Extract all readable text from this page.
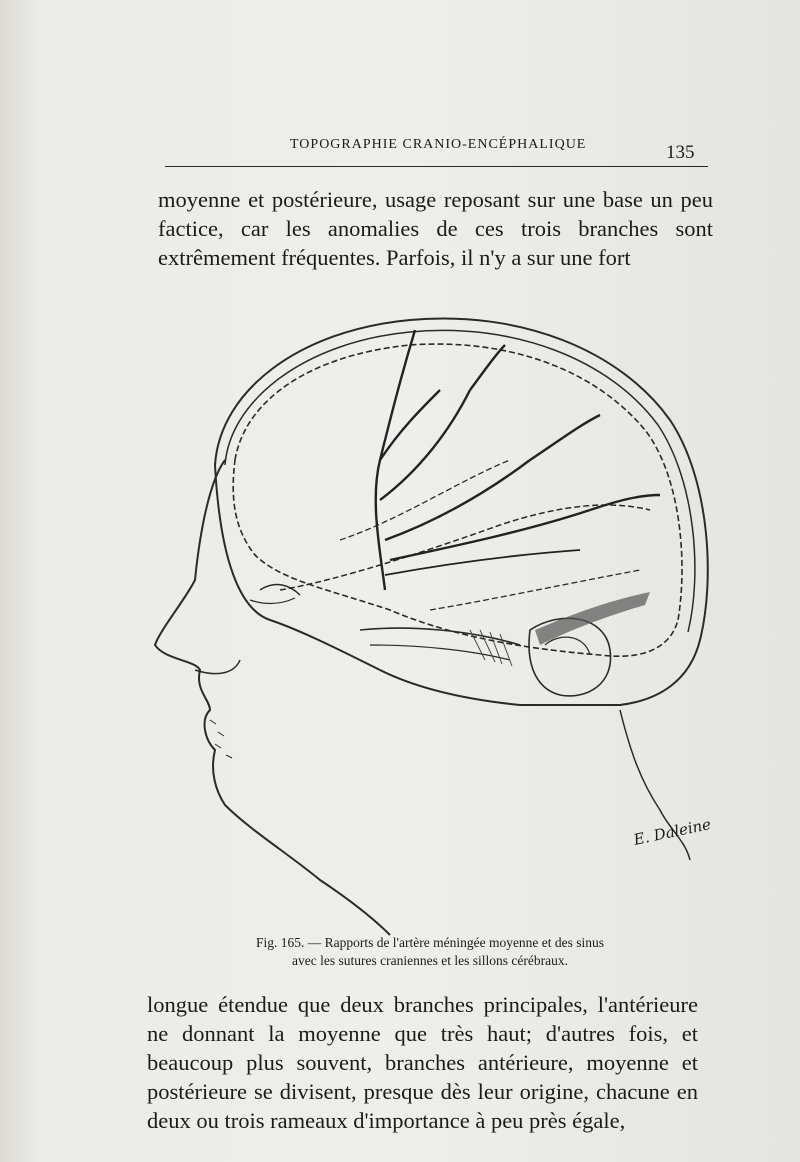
TOPOGRAPHIE CRANIO-ENCÉPHALIQUE	135
moyenne et postérieure, usage reposant sur une base un peu factice, car les anomalies de ces trois branches sont extrêmement fréquentes. Parfois, il n'y a sur une fort
E. Daleine
Fig. 165. — Rapports de l'artère méningée moyenne et des sinus
avec les sutures craniennes et les sillons cérébraux.
longue étendue que deux branches principales, l'antérieure ne donnant la moyenne que très haut; d'autres fois, et beaucoup plus souvent, branches antérieure, moyenne et postérieure se divisent, presque dès leur origine, chacune en deux ou trois rameaux d'importance à peu près égale,
